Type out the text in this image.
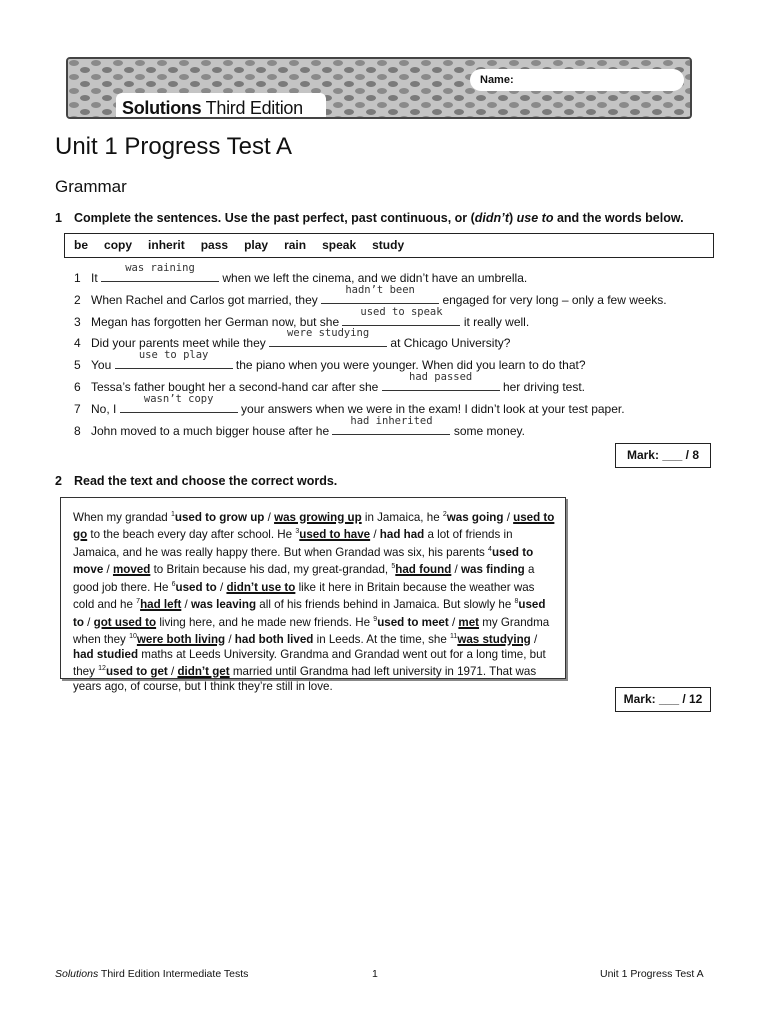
Name:
Solutions Third Edition
Unit 1 Progress Test A
Grammar
1 Complete the sentences. Use the past perfect, past continuous, or (didn’t) use to and the words below.
be copy inherit pass play rain speak study
1 It
was raining
when we left the cinema, and we didn’t have an umbrella.
2 When Rachel and Carlos got married, they
hadn’t been
engaged for very long – only a few weeks.
3 Megan has forgotten her German now, but she
used to speak
it really well.
4 Did your parents meet while they
were studying
at Chicago University?
5 You
use to play
the piano when you were younger. When did you learn to do that?
6 Tessa’s father bought her a second-hand car after she
had passed
her driving test.
7 No, I
wasn’t copy
your answers when we were in the exam! I didn’t look at your test paper.
8 John moved to a much bigger house after he
had inherited
some money.
Mark: ___ / 8
2 Read the text and choose the correct words.
When my grandad $^1$used to grow up / was growing up in Jamaica, he $^2$was going / used to go to the beach every day after school. He $^3$used to have / had had a lot of friends in Jamaica, and he was really happy there. But when Grandad was six, his parents $^4$used to move / moved to Britain because his dad, my great-grandad, $^5$had found / was finding a good job there. He $^6$used to / didn’t use to like it here in Britain because the weather was cold and he $^7$had left / was leaving all of his friends behind in Jamaica. But slowly he $^8$used to / got used to living here, and he made new friends. He $^9$used to meet / met my Grandma when they $^{10}$were both living / had both lived in Leeds. At the time, she $^{11}$was studying / had studied maths at Leeds University. Grandma and Grandad went out for a long time, but they $^{12}$used to get / didn’t get married until Grandma had left university in 1971. That was years ago, of course, but I think they’re still in love.
Mark: ___ / 12
Solutions Third Edition Intermediate Tests	1	Unit 1 Progress Test A
